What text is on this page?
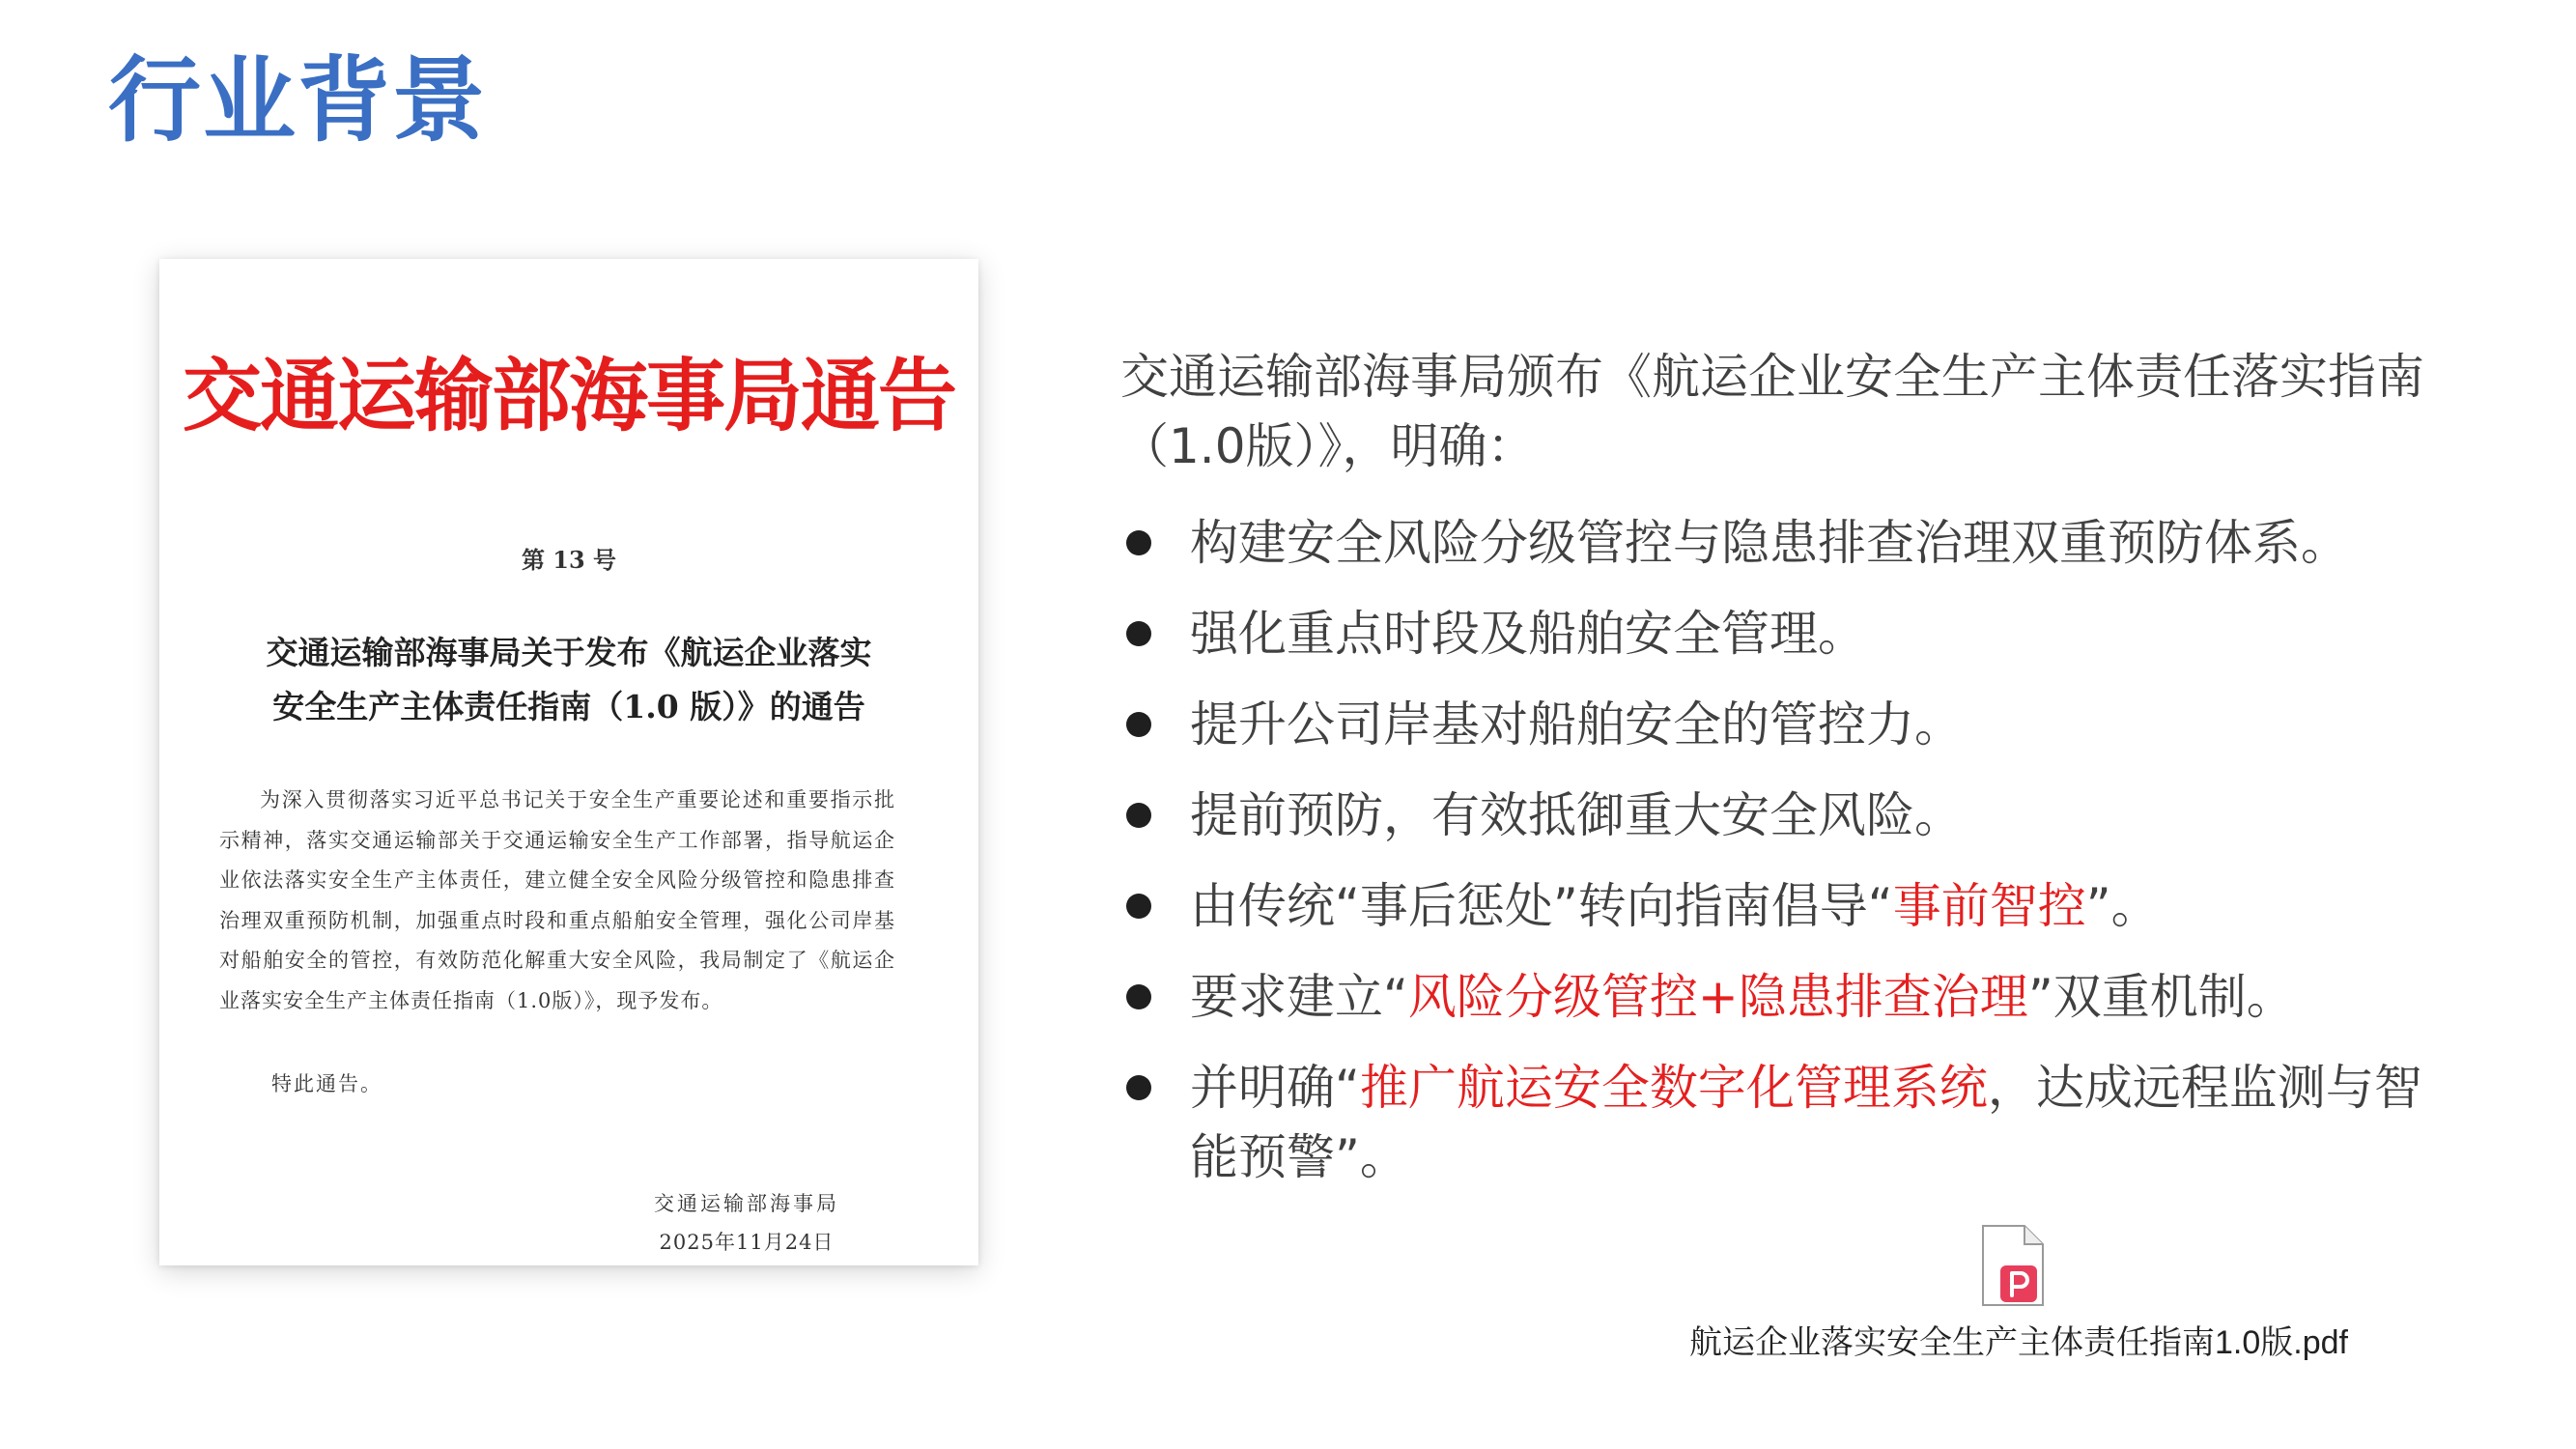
行业背景
交通运输部海事局通告
第 13 号
交通运输部海事局关于发布《航运企业落实
安全生产主体责任指南（1.0 版）》的通告
为深入贯彻落实习近平总书记关于安全生产重要论述和重要指示批示精神，落实交通运输部关于交通运输安全生产工作部署，指导航运企业依法落实安全生产主体责任，建立健全安全风险分级管控和隐患排查治理双重预防机制，加强重点时段和重点船舶安全管理，强化公司岸基对船舶安全的管控，有效防范化解重大安全风险，我局制定了《航运企业落实安全生产主体责任指南（1.0版）》，现予发布。
特此通告。
交通运输部海事局
2025年11月24日
交通运输部海事局颁布《航运企业安全生产主体责任落实指南（1.0版）》，明确：
构建安全风险分级管控与隐患排查治理双重预防体系。
强化重点时段及船舶安全管理。
提升公司岸基对船舶安全的管控力。
提前预防，有效抵御重大安全风险。
由传统“事后惩处”转向指南倡导“事前智控”。
要求建立“风险分级管控+隐患排查治理”双重机制。
并明确“推广航运安全数字化管理系统，达成远程监测与智能预警”。
航运企业落实安全生产主体责任指南1.0版.pdf
